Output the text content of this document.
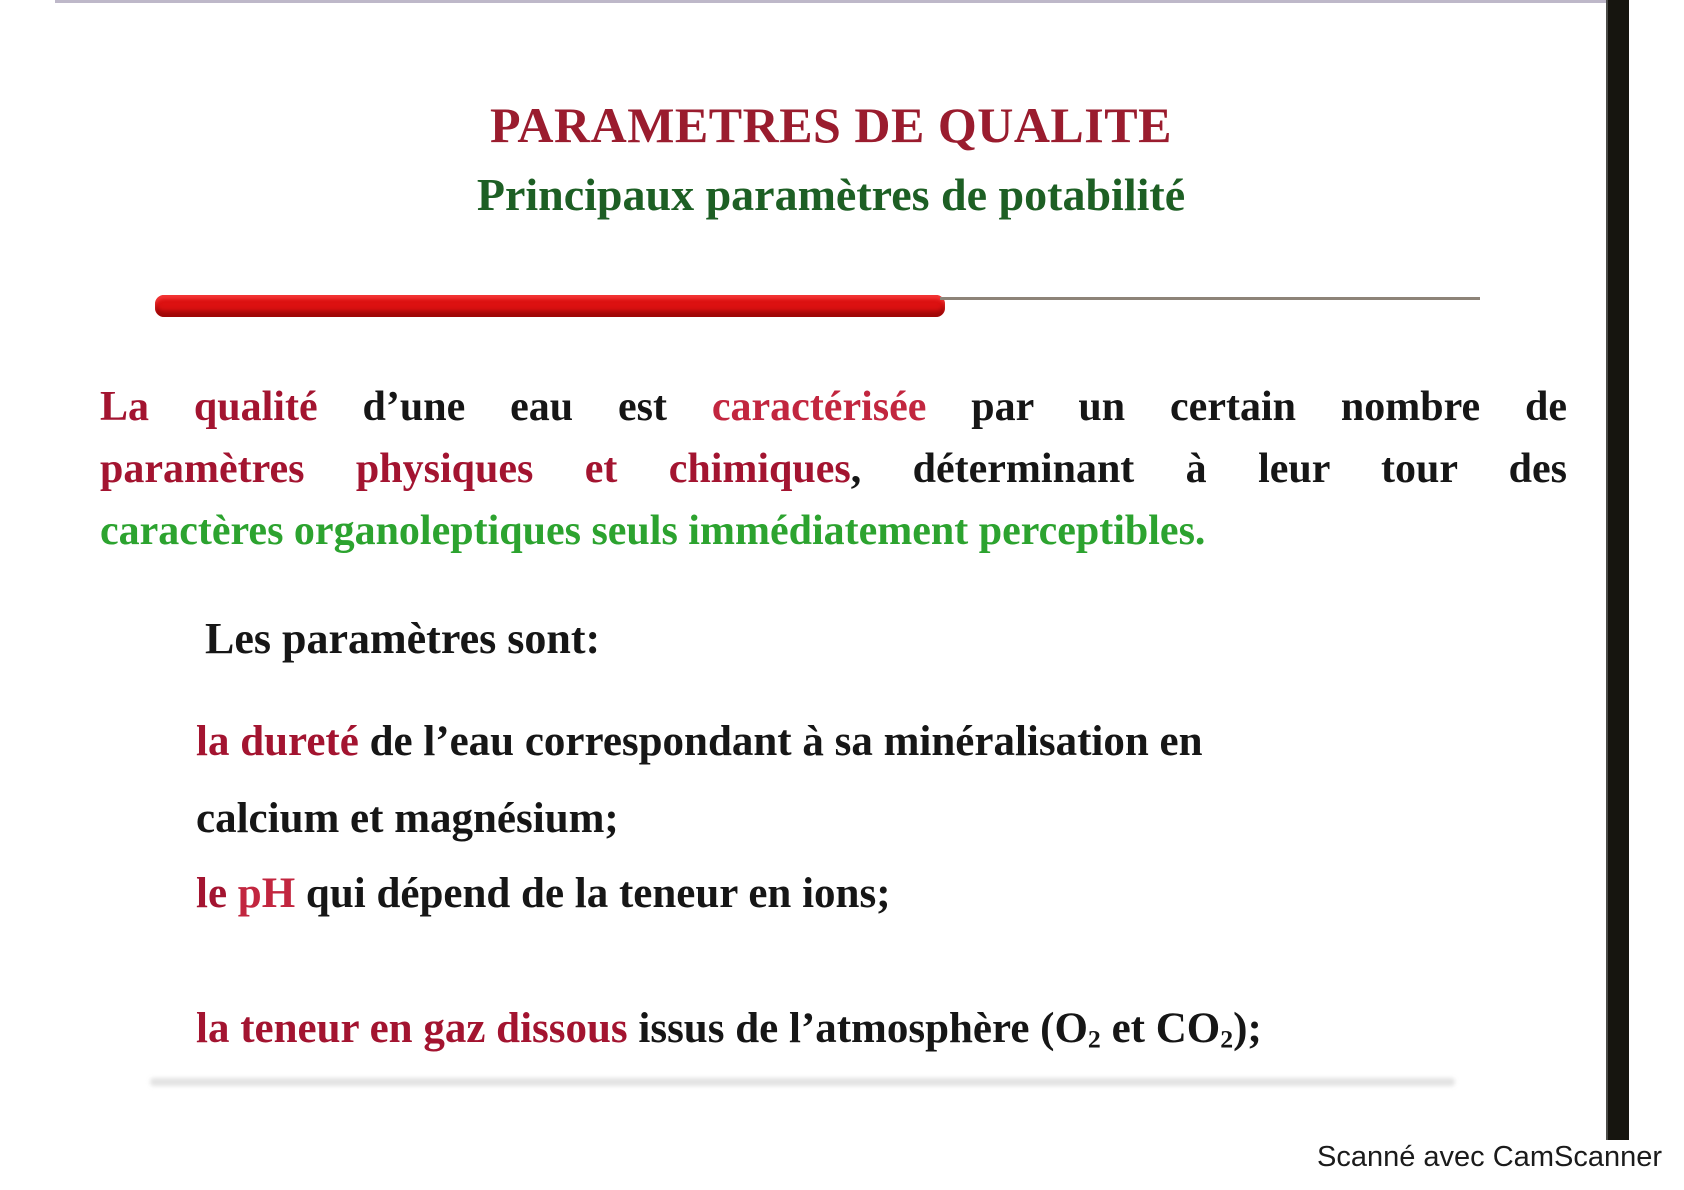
PARAMETRES DE QUALITE
Principaux paramètres de potabilité
La qualité d’une eau est caractérisée par un certain nombre de
paramètres physiques et chimiques, déterminant à leur tour des
caractères organoleptiques seuls immédiatement perceptibles.
Les paramètres sont:
la dureté de l’eau correspondant à sa minéralisation en
calcium et magnésium;
le pH qui dépend de la teneur en ions;
la teneur en gaz dissous issus de l’atmosphère ($O_2$ et $CO_2$);
Scanné avec CamScanner
